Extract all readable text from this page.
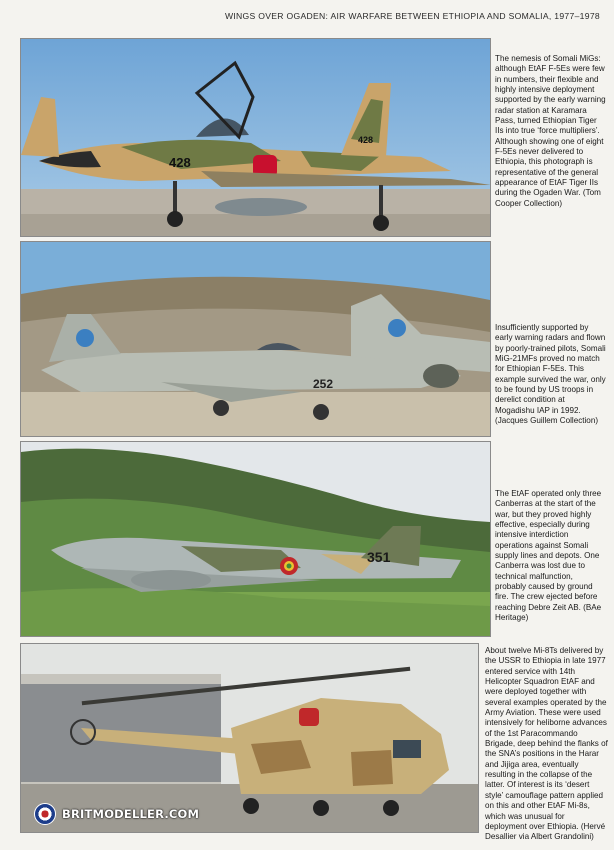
WINGS OVER OGADEN: AIR WARFARE BETWEEN ETHIOPIA AND SOMALIA, 1977–1978
428
428
The nemesis of Somali MiGs: although EtAF F-5Es were few in numbers, their flexible and highly intensive deployment supported by the early warning radar station at Karamara Pass, turned Ethiopian Tiger IIs into true ‘force multipliers’. Although showing one of eight F-5Es never delivered to Ethiopia, this photograph is representative of the general appearance of EtAF Tiger IIs during the Ogaden War. (Tom Cooper Collection)
252
Insufficiently supported by early warning radars and flown by poorly-trained pilots, Somali MiG-21MFs proved no match for Ethiopian F-5Es. This example survived the war, only to be found by US troops in derelict condition at Mogadishu IAP in 1992. (Jacques Guillem Collection)
351
The EtAF operated only three Canberras at the start of the war, but they proved highly effective, especially during intensive interdiction operations against Somali supply lines and depots. One Canberra was lost due to technical malfunction, probably caused by ground fire. The crew ejected before reaching Debre Zeit AB. (BAe Heritage)
About twelve Mi-8Ts delivered by the USSR to Ethiopia in late 1977 entered service with 14th Helicopter Squadron EtAF and were deployed together with several examples operated by the Army Aviation. These were used intensively for heliborne advances of the 1st Paracommando Brigade, deep behind the flanks of the SNA’s positions in the Harar and Jijiga area, eventually resulting in the collapse of the latter. Of interest is its ‘desert style’ camouflage pattern applied on this and other EtAF Mi-8s, which was unusual for deployment over Ethiopia. (Hervé Desallier via Albert Grandolini)
BRITMODELLER.COM
